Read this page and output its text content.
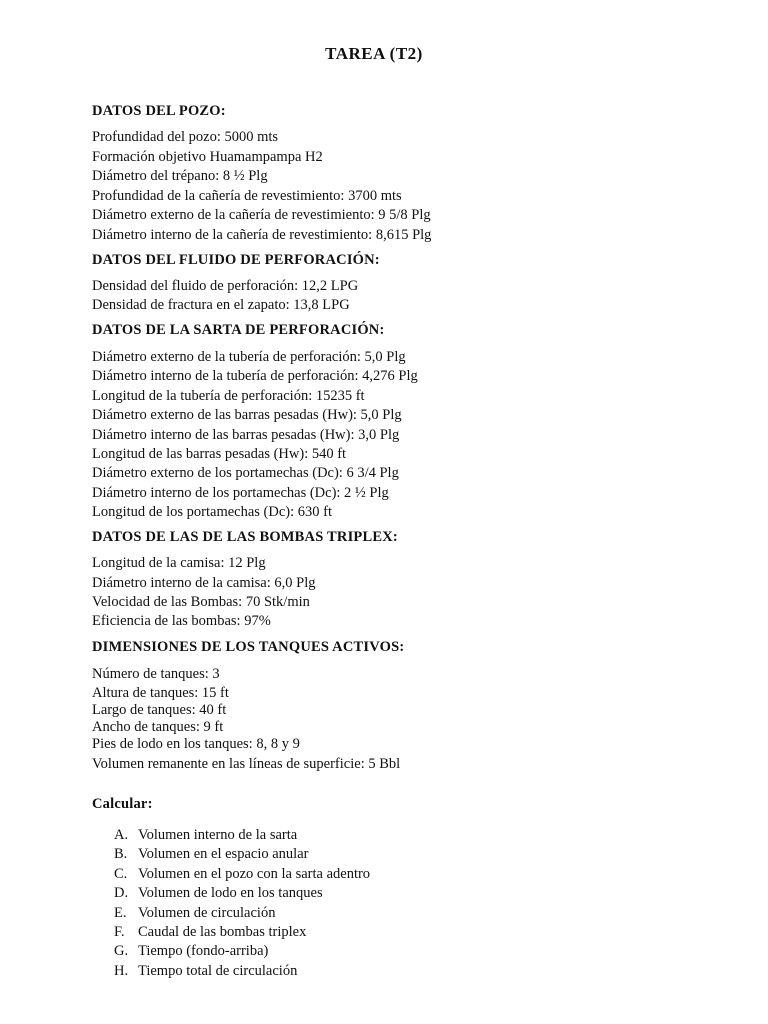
TAREA (T2)
DATOS DEL POZO:
Profundidad del pozo: 5000 mts
Formación objetivo Huamampampa H2
Diámetro del trépano: 8 ½ Plg
Profundidad de la cañería de revestimiento: 3700 mts
Diámetro externo de la cañería de revestimiento: 9 5/8 Plg
Diámetro interno de la cañería de revestimiento: 8,615 Plg
DATOS DEL FLUIDO DE PERFORACIÓN:
Densidad del fluido de perforación: 12,2 LPG
Densidad de fractura en el zapato: 13,8 LPG
DATOS DE LA SARTA DE PERFORACIÓN:
Diámetro externo de la tubería de perforación: 5,0 Plg
Diámetro interno de la tubería de perforación: 4,276 Plg
Longitud de la tubería de perforación: 15235 ft
Diámetro externo de las barras pesadas (Hw): 5,0 Plg
Diámetro interno de las barras pesadas (Hw): 3,0 Plg
Longitud de las barras pesadas (Hw): 540 ft
Diámetro externo de los portamechas (Dc): 6 3/4 Plg
Diámetro interno de los portamechas (Dc): 2 ½ Plg
Longitud de los portamechas (Dc): 630 ft
DATOS DE LAS DE LAS BOMBAS TRIPLEX:
Longitud de la camisa: 12 Plg
Diámetro interno de la camisa: 6,0 Plg
Velocidad de las Bombas: 70 Stk/min
Eficiencia de las bombas: 97%
DIMENSIONES DE LOS TANQUES ACTIVOS:
Número de tanques: 3
Altura de tanques: 15 ft
Largo de tanques: 40 ft
Ancho de tanques: 9 ft
Pies de lodo en los tanques: 8, 8 y 9
Volumen remanente en las líneas de superficie: 5 Bbl
Calcular:
A. Volumen interno de la sarta
B. Volumen en el espacio anular
C. Volumen en el pozo con la sarta adentro
D. Volumen de lodo en los tanques
E. Volumen de circulación
F. Caudal de las bombas triplex
G. Tiempo (fondo-arriba)
H. Tiempo total de circulación
